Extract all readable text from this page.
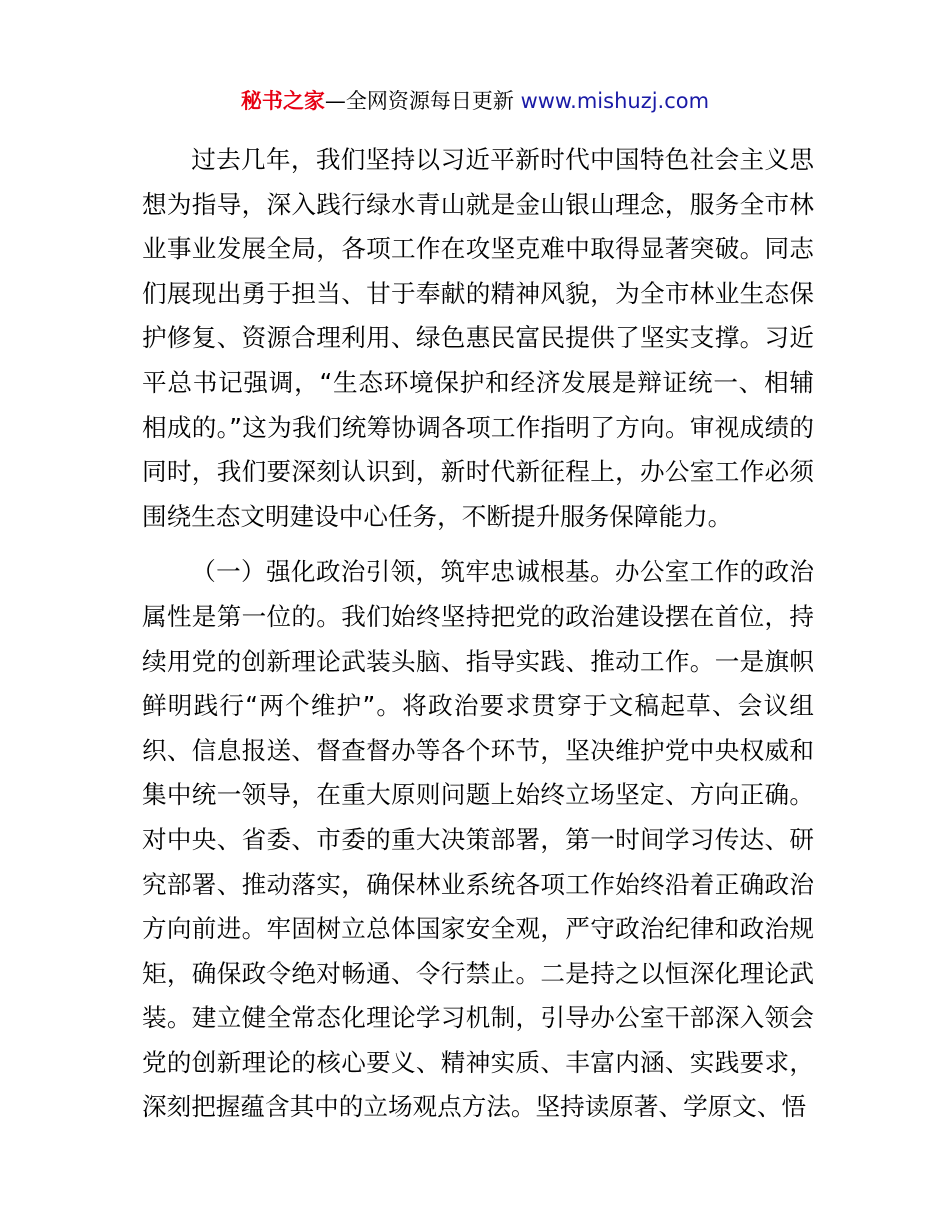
秘书之家—全网资源每日更新 www.mishuzj.com

过去几年，我们坚持以习近平新时代中国特色社会主义思想为指导，深入践行绿水青山就是金山银山理念，服务全市林业事业发展全局，各项工作在攻坚克难中取得显著突破。同志们展现出勇于担当、甘于奉献的精神风貌，为全市林业生态保护修复、资源合理利用、绿色惠民富民提供了坚实支撑。习近平总书记强调，“生态环境保护和经济发展是辩证统一、相辅相成的。”这为我们统筹协调各项工作指明了方向。审视成绩的同时，我们要深刻认识到，新时代新征程上，办公室工作必须围绕生态文明建设中心任务，不断提升服务保障能力。

（一）强化政治引领，筑牢忠诚根基。办公室工作的政治属性是第一位的。我们始终坚持把党的政治建设摆在首位，持续用党的创新理论武装头脑、指导实践、推动工作。一是旗帜鲜明践行“两个维护”。将政治要求贯穿于文稿起草、会议组织、信息报送、督查督办等各个环节，坚决维护党中央权威和集中统一领导，在重大原则问题上始终立场坚定、方向正确。对中央、省委、市委的重大决策部署，第一时间学习传达、研究部署、推动落实，确保林业系统各项工作始终沿着正确政治方向前进。牢固树立总体国家安全观，严守政治纪律和政治规矩，确保政令绝对畅通、令行禁止。二是持之以恒深化理论武装。建立健全常态化理论学习机制，引导办公室干部深入领会党的创新理论的核心要义、精神实质、丰富内涵、实践要求，深刻把握蕴含其中的立场观点方法。坚持读原著、学原文、悟
